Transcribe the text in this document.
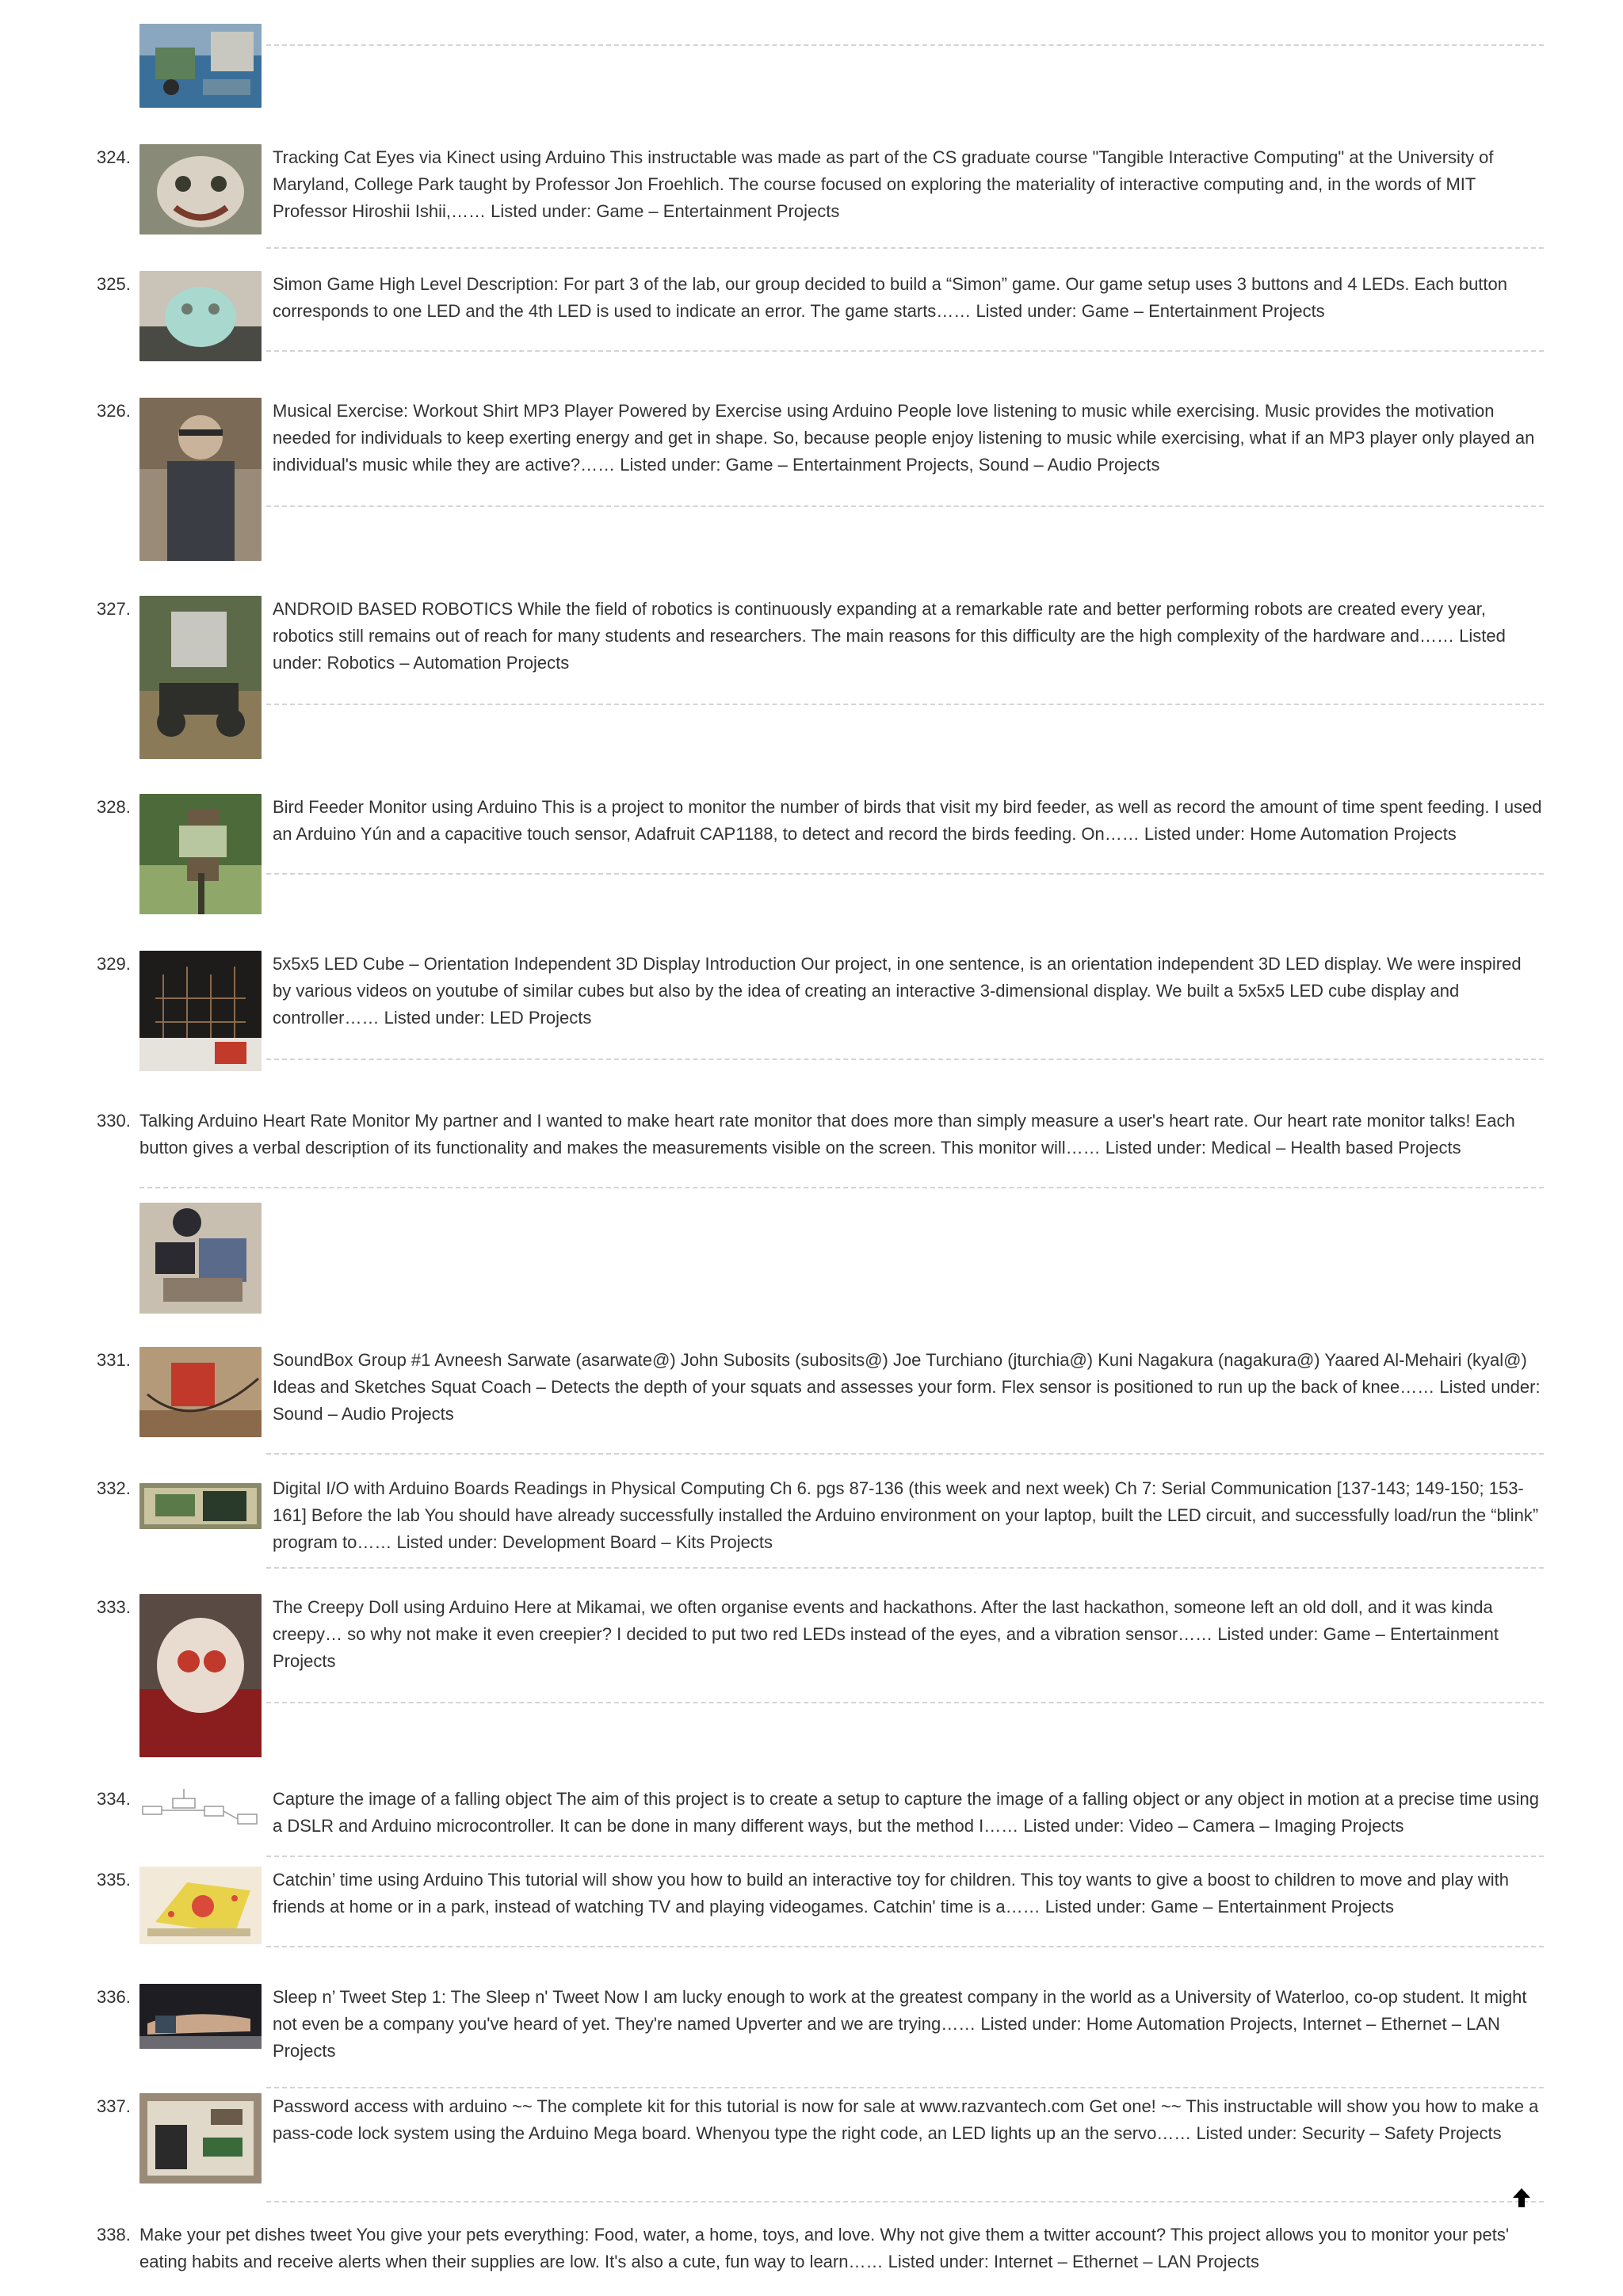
324.	Tracking Cat Eyes via Kinect using Arduino This instructable was made as part of the CS graduate course "Tangible Interactive Computing" at the University of Maryland, College Park taught by Professor Jon Froehlich. The course focused on exploring the materiality of interactive computing and, in the words of MIT Professor Hiroshii Ishii,…… Listed under: Game – Entertainment Projects
325.	Simon Game High Level Description: For part 3 of the lab, our group decided to build a “Simon” game. Our game setup uses 3 buttons and 4 LEDs. Each button corresponds to one LED and the 4th LED is used to indicate an error. The game starts…… Listed under: Game – Entertainment Projects
326.	Musical Exercise: Workout Shirt MP3 Player Powered by Exercise using Arduino People love listening to music while exercising. Music provides the motivation needed for individuals to keep exerting energy and get in shape. So, because people enjoy listening to music while exercising, what if an MP3 player only played an individual's music while they are active?…… Listed under: Game – Entertainment Projects, Sound – Audio Projects
327.	ANDROID BASED ROBOTICS While the field of robotics is continuously expanding at a remarkable rate and better performing robots are created every year, robotics still remains out of reach for many students and researchers. The main reasons for this difficulty are the high complexity of the hardware and…… Listed under: Robotics – Automation Projects
328.	Bird Feeder Monitor using Arduino This is a project to monitor the number of birds that visit my bird feeder, as well as record the amount of time spent feeding. I used an Arduino Yún and a capacitive touch sensor, Adafruit CAP1188, to detect and record the birds feeding. On…… Listed under: Home Automation Projects
329.	5x5x5 LED Cube – Orientation Independent 3D Display Introduction Our project, in one sentence, is an orientation independent 3D LED display. We were inspired by various videos on youtube of similar cubes but also by the idea of creating an interactive 3-dimensional display. We built a 5x5x5 LED cube display and controller…… Listed under: LED Projects
330. Talking Arduino Heart Rate Monitor My partner and I wanted to make heart rate monitor that does more than simply measure a user's heart rate. Our heart rate monitor talks! Each button gives a verbal description of its functionality and makes the measurements visible on the screen. This monitor will…… Listed under: Medical – Health based Projects
331.	SoundBox Group #1 Avneesh Sarwate (asarwate@) John Subosits (subosits@) Joe Turchiano (jturchia@) Kuni Nagakura (nagakura@) Yaared Al-Mehairi (kyal@) Ideas and Sketches Squat Coach – Detects the depth of your squats and assesses your form. Flex sensor is positioned to run up the back of knee…… Listed under: Sound – Audio Projects
332.	Digital I/O with Arduino Boards Readings in Physical Computing Ch 6. pgs 87-136 (this week and next week) Ch 7: Serial Communication [137-143; 149-150; 153-161] Before the lab You should have already successfully installed the Arduino environment on your laptop, built the LED circuit, and successfully load/run the “blink” program to…… Listed under: Development Board – Kits Projects
333.	The Creepy Doll using Arduino Here at Mikamai, we often organise events and hackathons. After the last hackathon, someone left an old doll, and it was kinda creepy… so why not make it even creepier? I decided to put two red LEDs instead of the eyes, and a vibration sensor…… Listed under: Game – Entertainment Projects
334.	Capture the image of a falling object The aim of this project is to create a setup to capture the image of a falling object or any object in motion at a precise time using a DSLR and Arduino microcontroller. It can be done in many different ways, but the method I…… Listed under: Video – Camera – Imaging Projects
335.	Catchin’ time using Arduino This tutorial will show you how to build an interactive toy for children. This toy wants to give a boost to children to move and play with friends at home or in a park, instead of watching TV and playing videogames. Catchin' time is a…… Listed under: Game – Entertainment Projects
336.	Sleep n’ Tweet Step 1: The Sleep n' Tweet Now I am lucky enough to work at the greatest company in the world as a University of Waterloo, co-op student. It might not even be a company you've heard of yet. They're named Upverter and we are trying…… Listed under: Home Automation Projects, Internet – Ethernet – LAN Projects
337.	Password access with arduino ~~ The complete kit for this tutorial is now for sale at www.razvantech.com Get one! ~~ This instructable will show you how to make a pass-code lock system using the Arduino Mega board. Whenyou type the right code, an LED lights up an the servo…… Listed under: Security – Safety Projects
338. Make your pet dishes tweet You give your pets everything: Food, water, a home, toys, and love. Why not give them a twitter account? This project allows you to monitor your pets' eating habits and receive alerts when their supplies are low. It's also a cute, fun way to learn…… Listed under: Internet – Ethernet – LAN Projects
